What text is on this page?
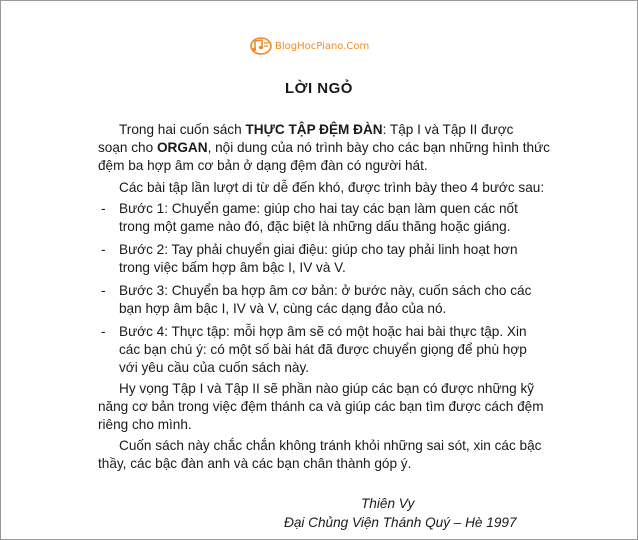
BlogHocPiano.Com
LỜI NGỎ
Trong hai cuốn sách THỰC TẬP ĐỆM ĐÀN: Tập I và Tập II được
soạn cho ORGAN, nội dung của nó trình bày cho các bạn những hình thức
đệm ba hợp âm cơ bản ở dạng đệm đàn có người hát.
Các bài tập lần lượt di từ dễ đến khó, được trình bày theo 4 bước sau:
- Bước 1: Chuyển game: giúp cho hai tay các bạn làm quen các nốt
trong một game nào đó, đặc biệt là những dấu thăng hoặc giáng.
- Bước 2: Tay phải chuyển giai điệu: giúp cho tay phải linh hoạt hơn
trong việc bấm hợp âm bậc I, IV và V.
- Bước 3: Chuyển ba hợp âm cơ bản: ở bước này, cuốn sách cho các
bạn hợp âm bậc I, IV và V, cùng các dạng đảo của nó.
- Bước 4: Thực tập: mỗi hợp âm sẽ có một hoặc hai bài thực tập. Xin
các bạn chú ý: có một số bài hát đã được chuyển giọng để phù hợp
với yêu cầu của cuốn sách này.
Hy vọng Tập I và Tập II sẽ phần nào giúp các bạn có được những kỹ
năng cơ bản trong việc đệm thánh ca và giúp các bạn tìm được cách đệm
riêng cho mình.
Cuốn sách này chắc chắn không tránh khỏi những sai sót, xin các bậc
thầy, các bậc đàn anh và các bạn chân thành góp ý.
Thiên Vy
Đại Chủng Viện Thánh Quý – Hè 1997
